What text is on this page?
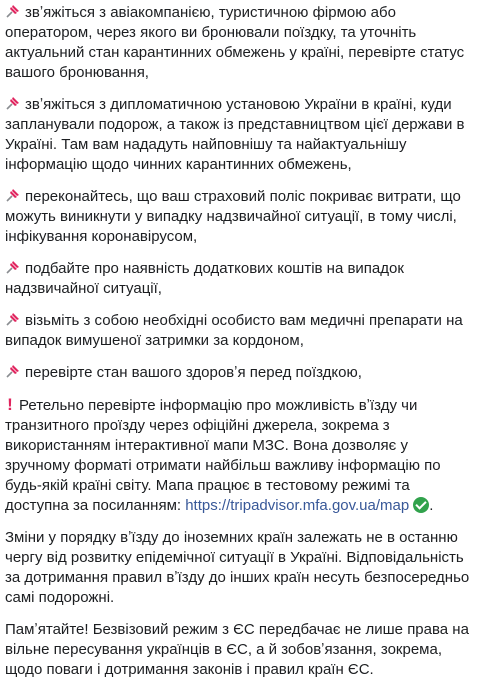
звʼяжіться з авіакомпанією, туристичною фірмою або оператором, через якого ви бронювали поїздку, та уточніть актуальний стан карантинних обмежень у країні, перевірте статус вашого бронювання,
звʼяжіться з дипломатичною установою України в країні, куди запланували подорож, а також із представництвом цієї держави в Україні. Там вам нададуть найповнішу та найактуальнішу інформацію щодо чинних карантинних обмежень,
переконайтесь, що ваш страховий поліс покриває витрати, що можуть виникнути у випадку надзвичайної ситуації, в тому числі, інфікування коронавірусом,
подбайте про наявність додаткових коштів на випадок надзвичайної ситуації,
візьміть з собою необхідні особисто вам медичні препарати на випадок вимушеної затримки за кордоном,
перевірте стан вашого здоровʼя перед поїздкою,
! Ретельно перевірте інформацію про можливість вʼїзду чи транзитного проїзду через офіційні джерела, зокрема з використанням інтерактивної мапи МЗС. Вона дозволяє у зручному форматі отримати найбільш важливу інформацію по будь-якій країні світу. Мапа працює в тестовому режимі та доступна за посиланням: https://tripadvisor.mfa.gov.ua/map .
Зміни у порядку вʼїзду до іноземних країн залежать не в останню чергу від розвитку епідемічної ситуації в Україні. Відповідальність за дотримання правил вʼїзду до інших країн несуть безпосередньо самі подорожні.
Памʼятайте! Безвізовий режим з ЄС передбачає не лише права на вільне пересування українців в ЄС, а й зобовʼязання, зокрема, щодо поваги і дотримання законів і правил країн ЄС.
